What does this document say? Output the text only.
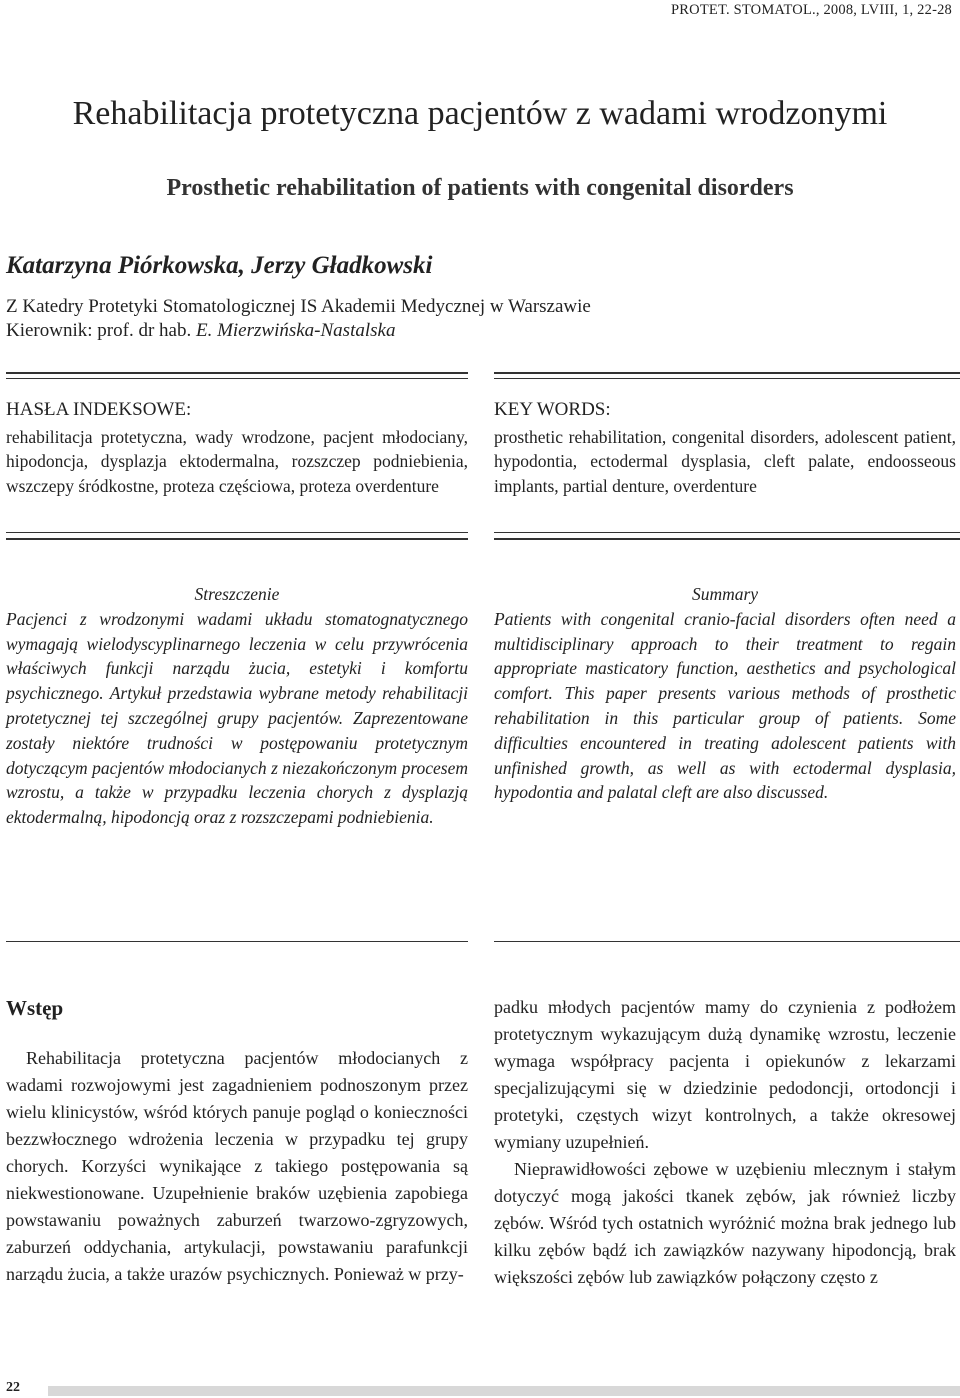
PROTET. STOMATOL., 2008, LVIII, 1, 22-28
Rehabilitacja protetyczna pacjentów z wadami wrodzonymi
Prosthetic rehabilitation of patients with congenital disorders
Katarzyna Piórkowska, Jerzy Gładkowski
Z Katedry Protetyki Stomatologicznej IS Akademii Medycznej w Warszawie
Kierownik: prof. dr hab. E. Mierzwińska-Nastalska
HASŁA INDEKSOWE:
rehabilitacja protetyczna, wady wrodzone, pacjent młodociany, hipodoncja, dysplazja ektodermalna, rozszczep podniebienia, wszczepy śródkostne, proteza częściowa, proteza overdenture
KEY WORDS:
prosthetic rehabilitation, congenital disorders, adolescent patient, hypodontia, ectodermal dysplasia, cleft palate, endoosseous implants, partial denture, overdenture
Streszczenie
Pacjenci z wrodzonymi wadami układu stomatognatycznego wymagają wielodyscyplinarnego leczenia w celu przywrócenia właściwych funkcji narządu żucia, estetyki i komfortu psychicznego. Artykuł przedstawia wybrane metody rehabilitacji protetycznej tej szczególnej grupy pacjentów. Zaprezentowane zostały niektóre trudności w postępowaniu protetycznym dotyczącym pacjentów młodocianych z niezakończonym procesem wzrostu, a także w przypadku leczenia chorych z dysplazją ektodermalną, hipodoncją oraz z rozszczepami podniebienia.
Summary
Patients with congenital cranio-facial disorders often need a multidisciplinary approach to their treatment to regain appropriate masticatory function, aesthetics and psychological comfort. This paper presents various methods of prosthetic rehabilitation in this particular group of patients. Some difficulties encountered in treating adolescent patients with unfinished growth, as well as with ectodermal dysplasia, hypodontia and palatal cleft are also discussed.
Wstęp

Rehabilitacja protetyczna pacjentów młodocianych z wadami rozwojowymi jest zagadnieniem podnoszonym przez wielu klinicystów, wśród których panuje pogląd o konieczności bezzwłocznego wdrożenia leczenia w przypadku tej grupy chorych. Korzyści wynikające z takiego postępowania są niekwestionowane. Uzupełnienie braków uzębienia zapobiega powstawaniu poważnych zaburzeń twarzowo-zgryzowych, zaburzeń oddychania, artykulacji, powstawaniu parafunkcji narządu żucia, a także urazów psychicznych. Ponieważ w przy-

padku młodych pacjentów mamy do czynienia z podłożem protetycznym wykazującym dużą dynamikę wzrostu, leczenie wymaga współpracy pacjenta i opiekunów z lekarzami specjalizującymi się w dziedzinie pedodoncji, ortodoncji i protetyki, częstych wizyt kontrolnych, a także okresowej wymiany uzupełnień.

Nieprawidłowości zębowe w uzębieniu mlecznym i stałym dotyczyć mogą jakości tkanek zębów, jak również liczby zębów. Wśród tych ostatnich wyróżnić można brak jednego lub kilku zębów bądź ich zawiązków nazywany hipodoncją, brak większości zębów lub zawiązków połączony często z

22
